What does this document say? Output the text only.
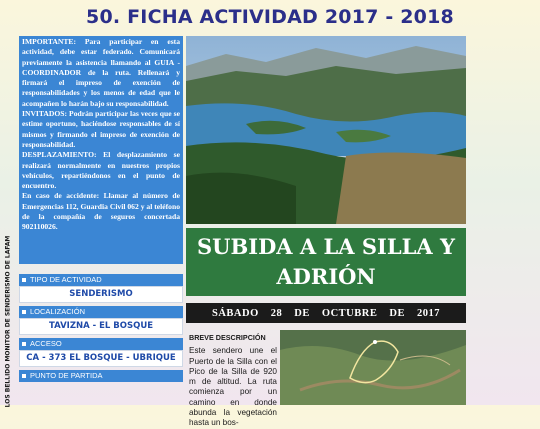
50. FICHA ACTIVIDAD 2017 - 2018
LOS BELLIDO MONITOR DE SENDERISMO DE LAFAM

IMPORTANTE: Para participar en esta actividad, debe estar federado. Comunicará previamente la asistencia llamando al GUIA -COORDINADOR de la ruta. Rellenará y firmará el impreso de exención de responsabilidades y los menos de edad que le acompañen lo harán bajo su responsabilidad.

INVITADOS: Podrán participar las veces que se estime oportuno, haciéndose responsables de sí mismos y firmando el impreso de exención de responsabilidad.

DESPLAZAMIENTO: El desplazamiento se realizará normalmente en nuestros propios vehículos, repartiéndonos en el punto de encuentro.

En caso de accidente: Llamar al número de Emergencias 112, Guardia Civil 062 y al teléfono de la compañía de seguros concertada 902110026.

SUBIDA A LA SILLA Y
ADRIÓN
SÁBADO 28 DE OCTUBRE DE 2017
TIPO DE ACTIVIDAD
SENDERISMO
LOCALIZACIÓN
TAVIZNA - EL BOSQUE
ACCESO
CA - 373 EL BOSQUE - UBRIQUE
PUNTO DE PARTIDA
BREVE DESCRIPCIÓN
Este sendero une el Puerto de la Silla con el Pico de la Silla de 920 m de altitud. La ruta comienza por un camino en donde abunda la vegetación hasta un bos-
